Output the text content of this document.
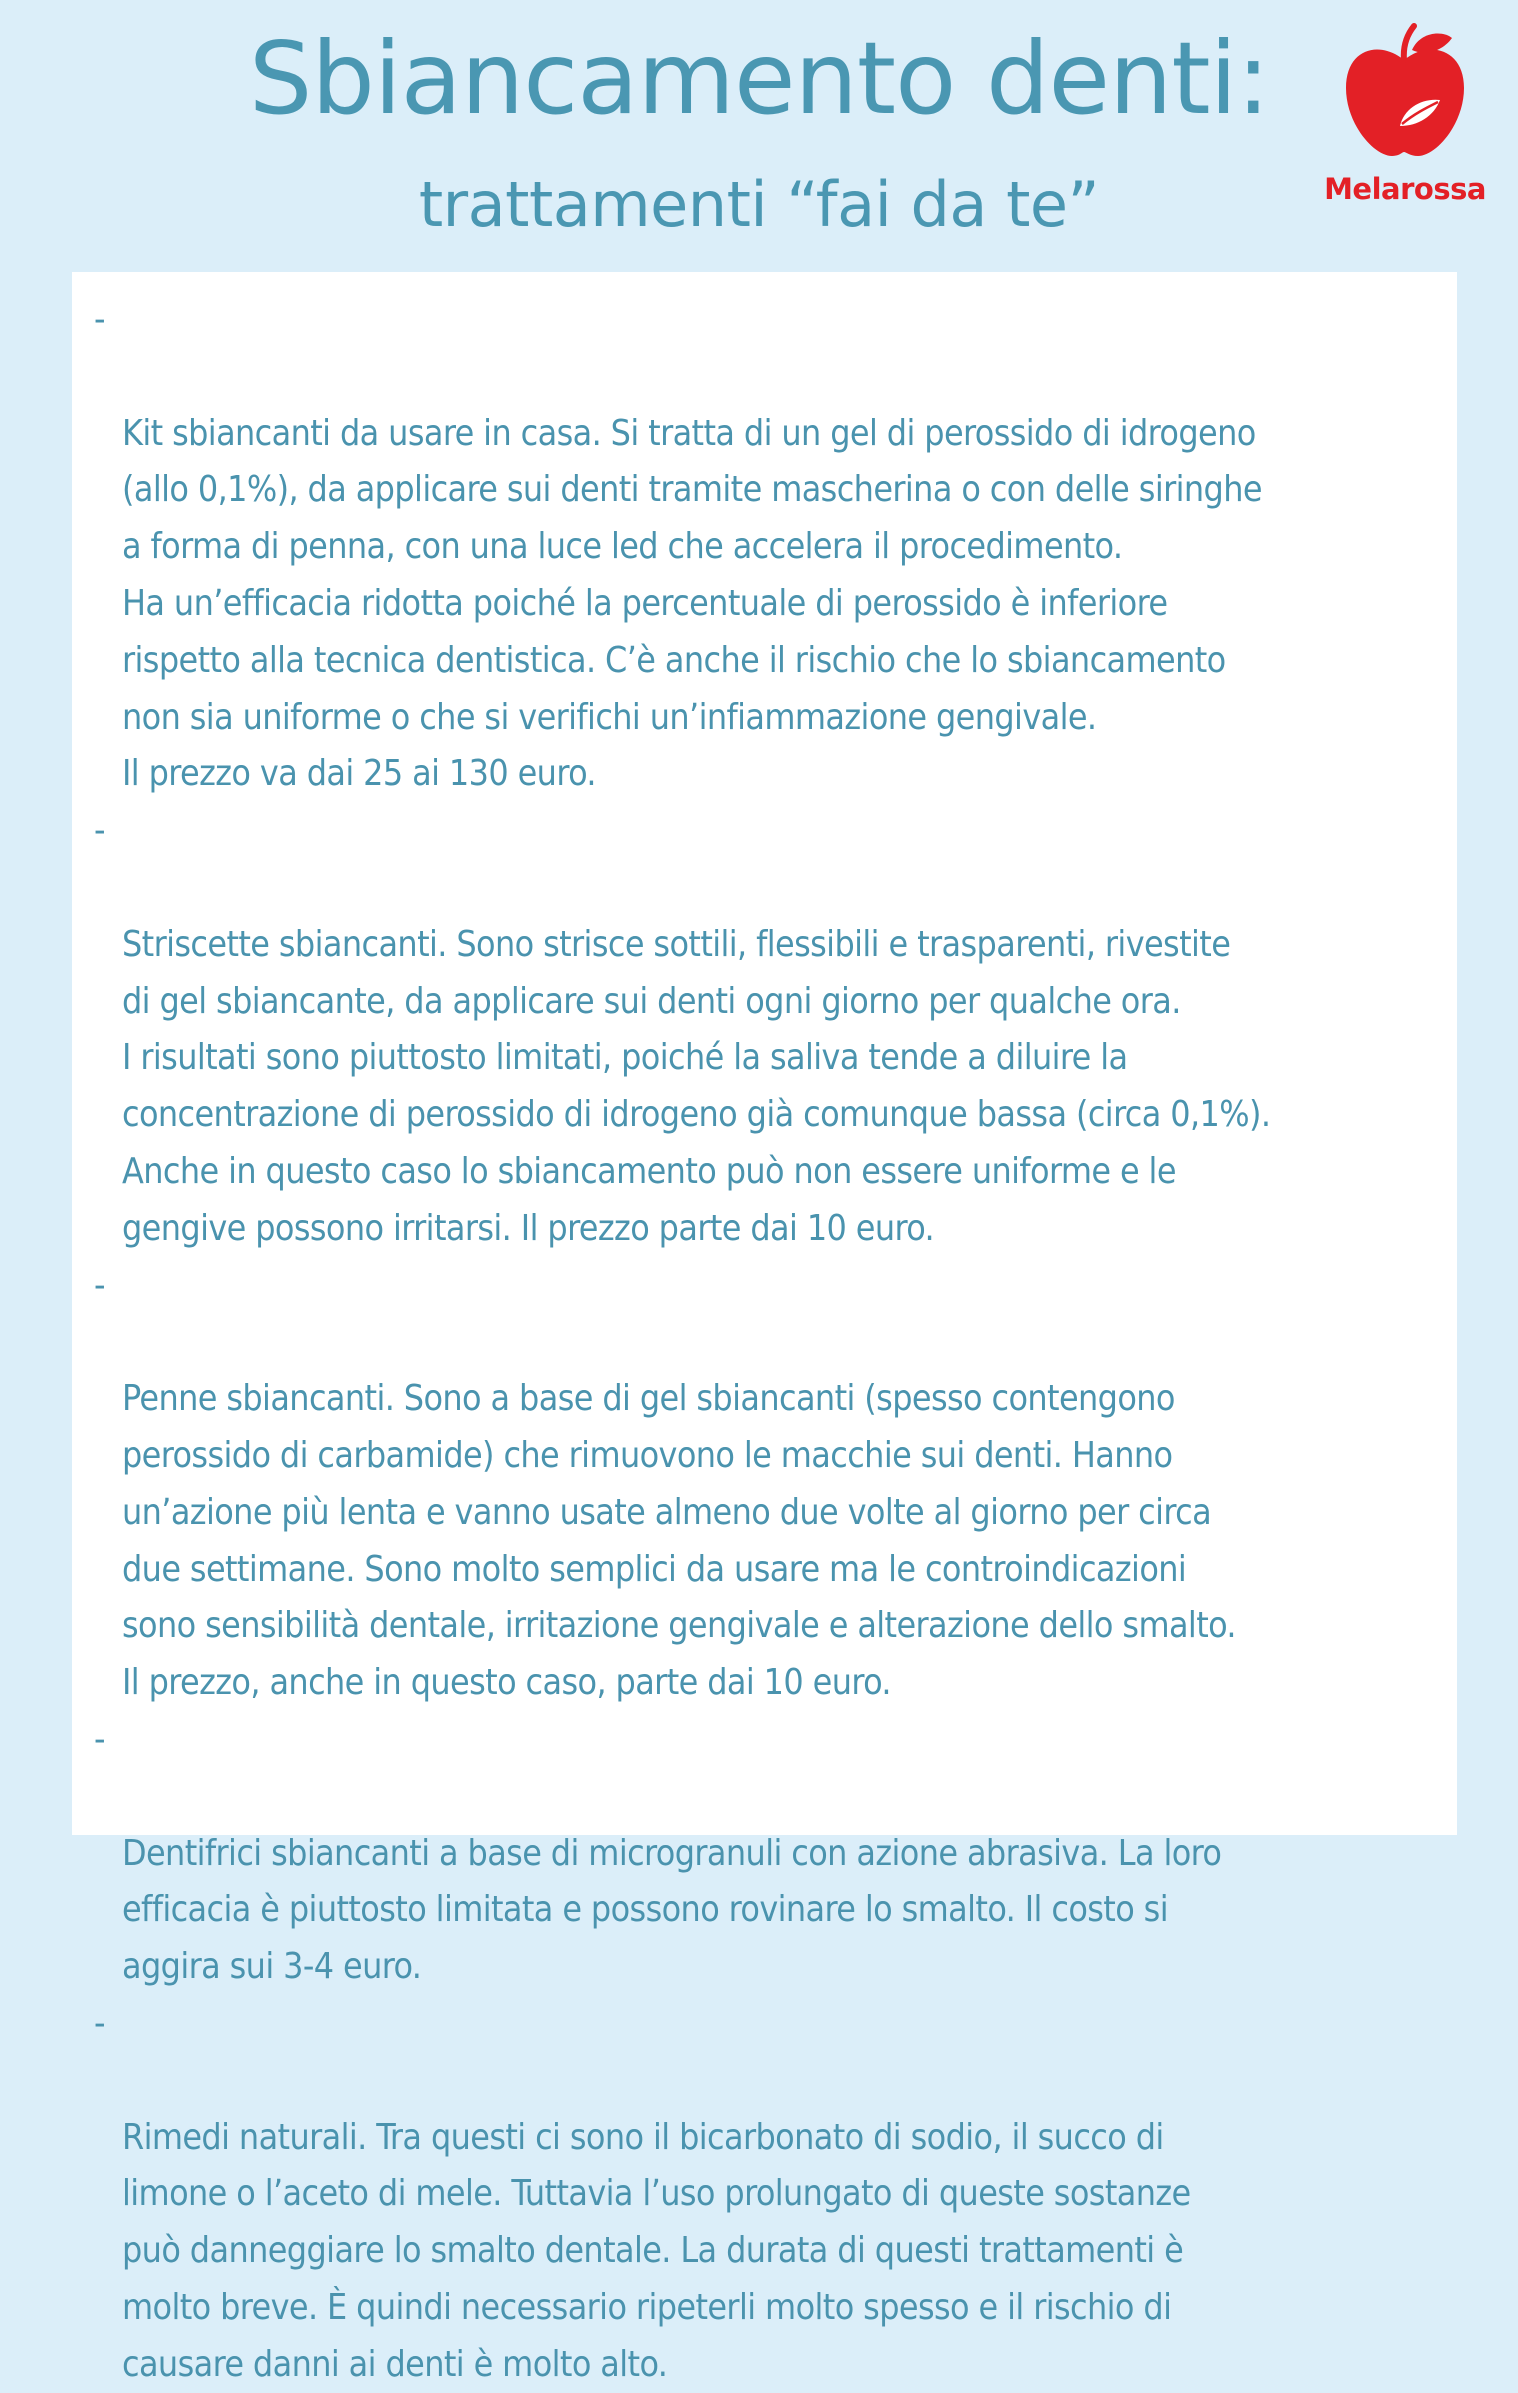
Sbiancamento denti:
trattamenti “fai da te”	Melarossa

-

Kit sbiancanti da usare in casa. Si tratta di un gel di perossido di idrogeno
(allo 0,1%), da applicare sui denti tramite mascherina o con delle siringhe
a forma di penna, con una luce led che accelera il procedimento.
Ha un’efficacia ridotta poiché la percentuale di perossido è inferiore
rispetto alla tecnica dentistica. C’è anche il rischio che lo sbiancamento
non sia uniforme o che si verifichi un’infiammazione gengivale.
Il prezzo va dai 25 ai 130 euro.

-

Striscette sbiancanti. Sono strisce sottili, flessibili e trasparenti, rivestite
di gel sbiancante, da applicare sui denti ogni giorno per qualche ora.
I risultati sono piuttosto limitati, poiché la saliva tende a diluire la
concentrazione di perossido di idrogeno già comunque bassa (circa 0,1%).
Anche in questo caso lo sbiancamento può non essere uniforme e le
gengive possono irritarsi. Il prezzo parte dai 10 euro.

-

Penne sbiancanti. Sono a base di gel sbiancanti (spesso contengono
perossido di carbamide) che rimuovono le macchie sui denti. Hanno
un’azione più lenta e vanno usate almeno due volte al giorno per circa
due settimane. Sono molto semplici da usare ma le controindicazioni
sono sensibilità dentale, irritazione gengivale e alterazione dello smalto.
Il prezzo, anche in questo caso, parte dai 10 euro.

-

Dentifrici sbiancanti a base di microgranuli con azione abrasiva. La loro
efficacia è piuttosto limitata e possono rovinare lo smalto. Il costo si
aggira sui 3-4 euro.

-

Rimedi naturali. Tra questi ci sono il bicarbonato di sodio, il succo di
limone o l’aceto di mele. Tuttavia l’uso prolungato di queste sostanze
può danneggiare lo smalto dentale. La durata di questi trattamenti è
molto breve. È quindi necessario ripeterli molto spesso e il rischio di
causare danni ai denti è molto alto.
